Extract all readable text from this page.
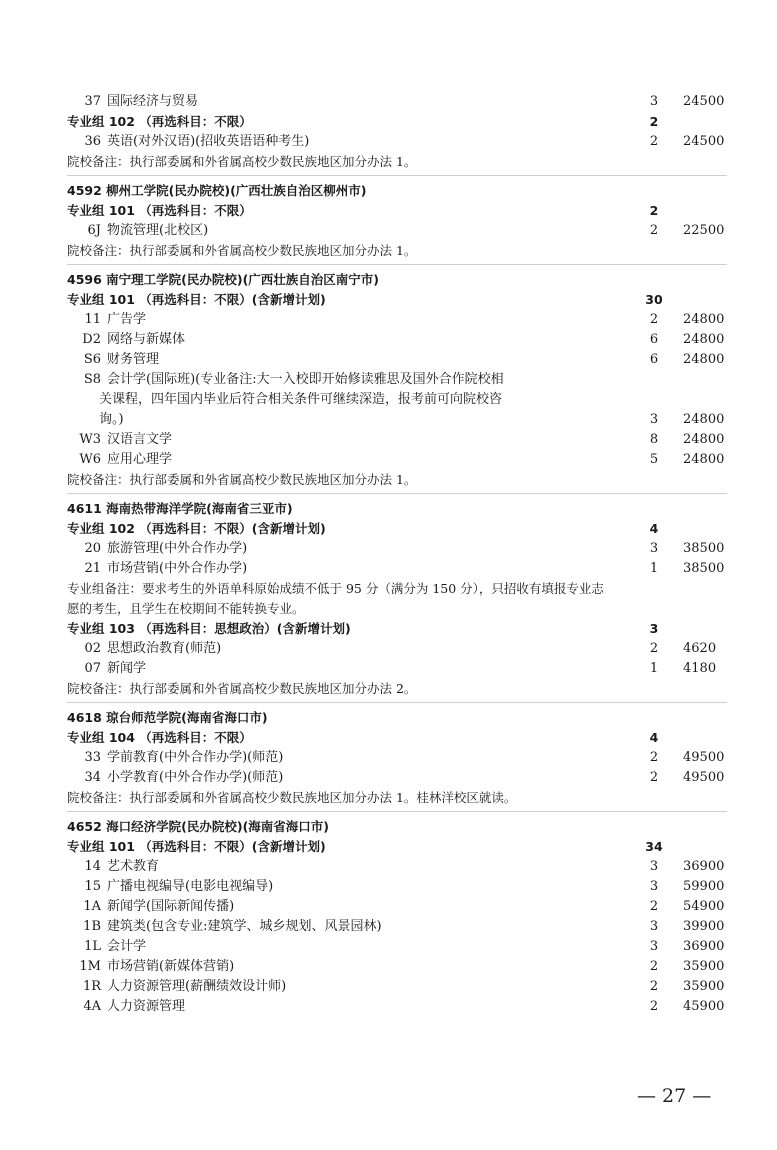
37 国际经济与贸易	3 24500
专业组 102 （再选科目：不限）	2
36 英语(对外汉语)(招收英语语种考生)	2 24500
院校备注：执行部委属和外省属高校少数民族地区加分办法 1。
4592 柳州工学院(民办院校)(广西壮族自治区柳州市)
专业组 101 （再选科目：不限）	2
6J 物流管理(北校区)	2 22500
院校备注：执行部委属和外省属高校少数民族地区加分办法 1。
4596 南宁理工学院(民办院校)(广西壮族自治区南宁市)
专业组 101 （再选科目：不限）(含新增计划)	30
11 广告学	2 24800
D2 网络与新媒体	6 24800
S6 财务管理	6 24800
S8 会计学(国际班)(专业备注:大一入校即开始修读雅思及国外合作院校相
关课程，四年国内毕业后符合相关条件可继续深造，报考前可向院校咨
询。)	3 24800
W3 汉语言文学	8 24800
W6 应用心理学	5 24800
院校备注：执行部委属和外省属高校少数民族地区加分办法 1。
4611 海南热带海洋学院(海南省三亚市)
专业组 102 （再选科目：不限）(含新增计划)	4
20 旅游管理(中外合作办学)	3 38500
21 市场营销(中外合作办学)	1 38500
专业组备注：要求考生的外语单科原始成绩不低于 95 分（满分为 150 分），只招收有填报专业志
愿的考生，且学生在校期间不能转换专业。
专业组 103 （再选科目：思想政治）(含新增计划)	3
02 思想政治教育(师范)	2 4620
07 新闻学	1 4180
院校备注：执行部委属和外省属高校少数民族地区加分办法 2。
4618 琼台师范学院(海南省海口市)
专业组 104 （再选科目：不限）	4
33 学前教育(中外合作办学)(师范)	2 49500
34 小学教育(中外合作办学)(师范)	2 49500
院校备注：执行部委属和外省属高校少数民族地区加分办法 1。桂林洋校区就读。
4652 海口经济学院(民办院校)(海南省海口市)
专业组 101 （再选科目：不限）(含新增计划)	34
14 艺术教育	3 36900
15 广播电视编导(电影电视编导)	3 59900
1A 新闻学(国际新闻传播)	2 54900
1B 建筑类(包含专业:建筑学、城乡规划、风景园林)	3 39900
1L 会计学	3 36900
1M 市场营销(新媒体营销)	2 35900
1R 人力资源管理(薪酬绩效设计师)	2 35900
4A 人力资源管理	2 45900
— 27 —
